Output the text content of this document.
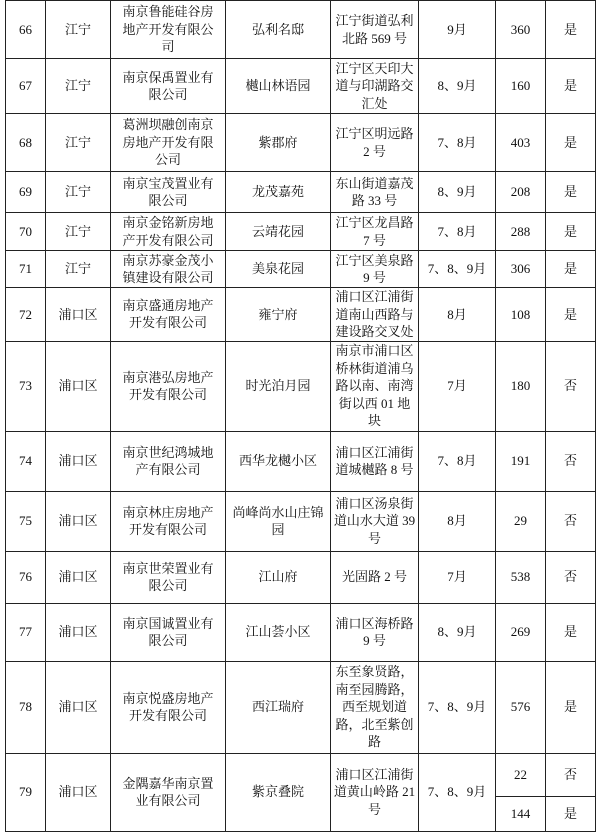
66	江宁	南京鲁能硅谷房地产开发有限公司	弘利名邸	江宁街道弘利北路 569 号	9月	360	是
67	江宁	南京保禹置业有限公司	樾山林语园	江宁区天印大道与印湖路交汇处	8、9月	160	是
68	江宁	葛洲坝融创南京房地产开发有限公司	紫郡府	江宁区明远路 2 号	7、8月	403	是
69	江宁	南京宝茂置业有限公司	龙茂嘉苑	东山街道嘉茂路 33 号	8、9月	208	是
70	江宁	南京金铭新房地产开发有限公司	云靖花园	江宁区龙昌路 7 号	7、8月	288	是
71	江宁	南京苏豪金茂小镇建设有限公司	美泉花园	江宁区美泉路 9 号	7、8、9月	306	是
72	浦口区	南京盛通房地产开发有限公司	雍宁府	浦口区江浦街道南山西路与建设路交叉处	8月	108	是
73	浦口区	南京港弘房地产开发有限公司	时光泊月园	南京市浦口区桥林街道浦乌路以南、南湾街以西 01 地块	7月	180	否
74	浦口区	南京世纪鸿城地产有限公司	西华龙樾小区	浦口区江浦街道城樾路 8 号	7、8月	191	否
75	浦口区	南京林庄房地产开发有限公司	尚峰尚水山庄锦园	浦口区汤泉街道山水大道 39 号	8月	29	否
76	浦口区	南京世荣置业有限公司	江山府	光固路 2 号	7月	538	否
77	浦口区	南京国诚置业有限公司	江山荟小区	浦口区海桥路 9 号	8、9月	269	是
78	浦口区	南京悦盛房地产开发有限公司	西江瑞府	东至象贤路，南至园腾路，西至规划道路，北至紫创路	7、8、9月	576	是
79	浦口区	金隅嘉华南京置业有限公司	紫京叠院	浦口区江浦街道黄山岭路 21 号	7、8、9月	22	否
						144	是
